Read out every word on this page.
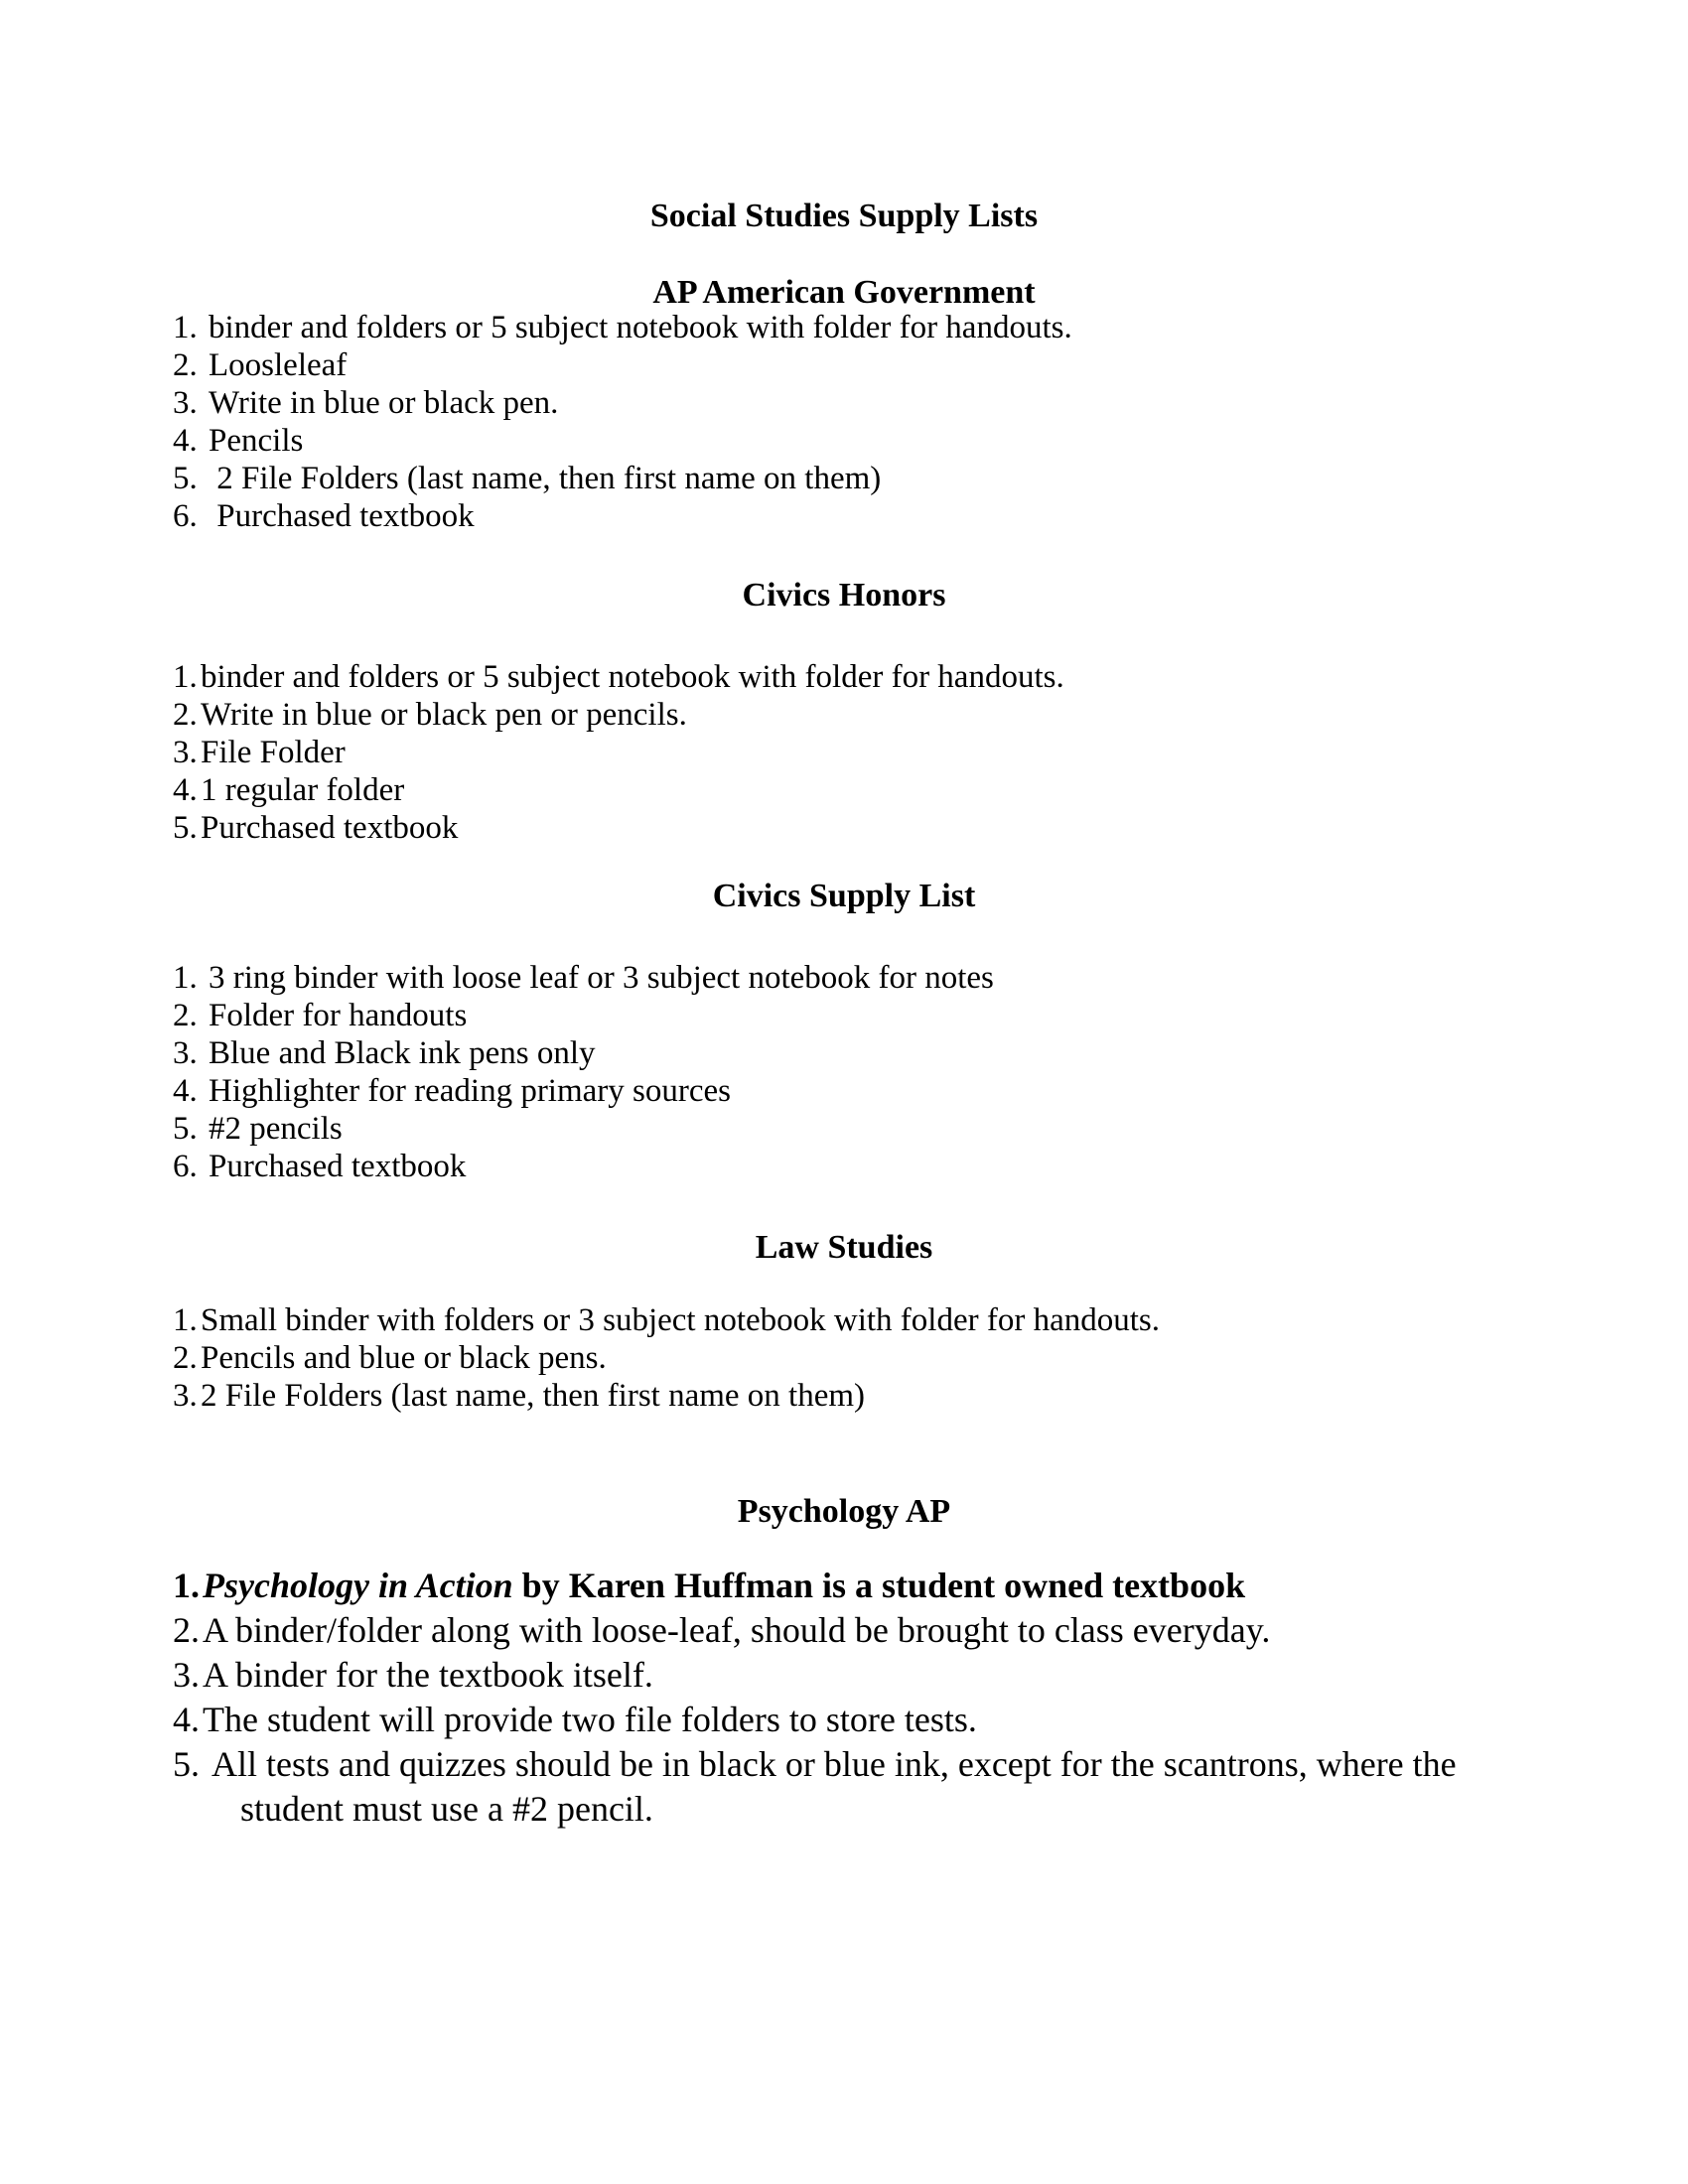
Social Studies Supply Lists
AP American Government
1. binder and folders or 5 subject notebook with folder for handouts.
2. Loosleleaf
3. Write in blue or black pen.
4. Pencils
5. 2 File Folders (last name, then first name on them)
6. Purchased textbook
Civics Honors
1. binder and folders or 5 subject notebook with folder for handouts.
2. Write in blue or black pen or pencils.
3. File Folder
4. 1 regular folder
5. Purchased textbook
Civics Supply List
1. 3 ring binder with loose leaf or 3 subject notebook for notes
2. Folder for handouts
3. Blue and Black ink pens only
4. Highlighter for reading primary sources
5. #2 pencils
6. Purchased textbook
Law Studies
1. Small binder with folders or 3 subject notebook with folder for handouts.
2. Pencils and blue or black pens.
3. 2 File Folders (last name, then first name on them)
Psychology AP
1. Psychology in Action by Karen Huffman is a student owned textbook
2. A binder/folder along with loose-leaf, should be brought to class everyday.
3. A binder for the textbook itself.
4. The student will provide two file folders to store tests.
5. All tests and quizzes should be in black or blue ink, except for the scantrons, where the student must use a #2 pencil.
